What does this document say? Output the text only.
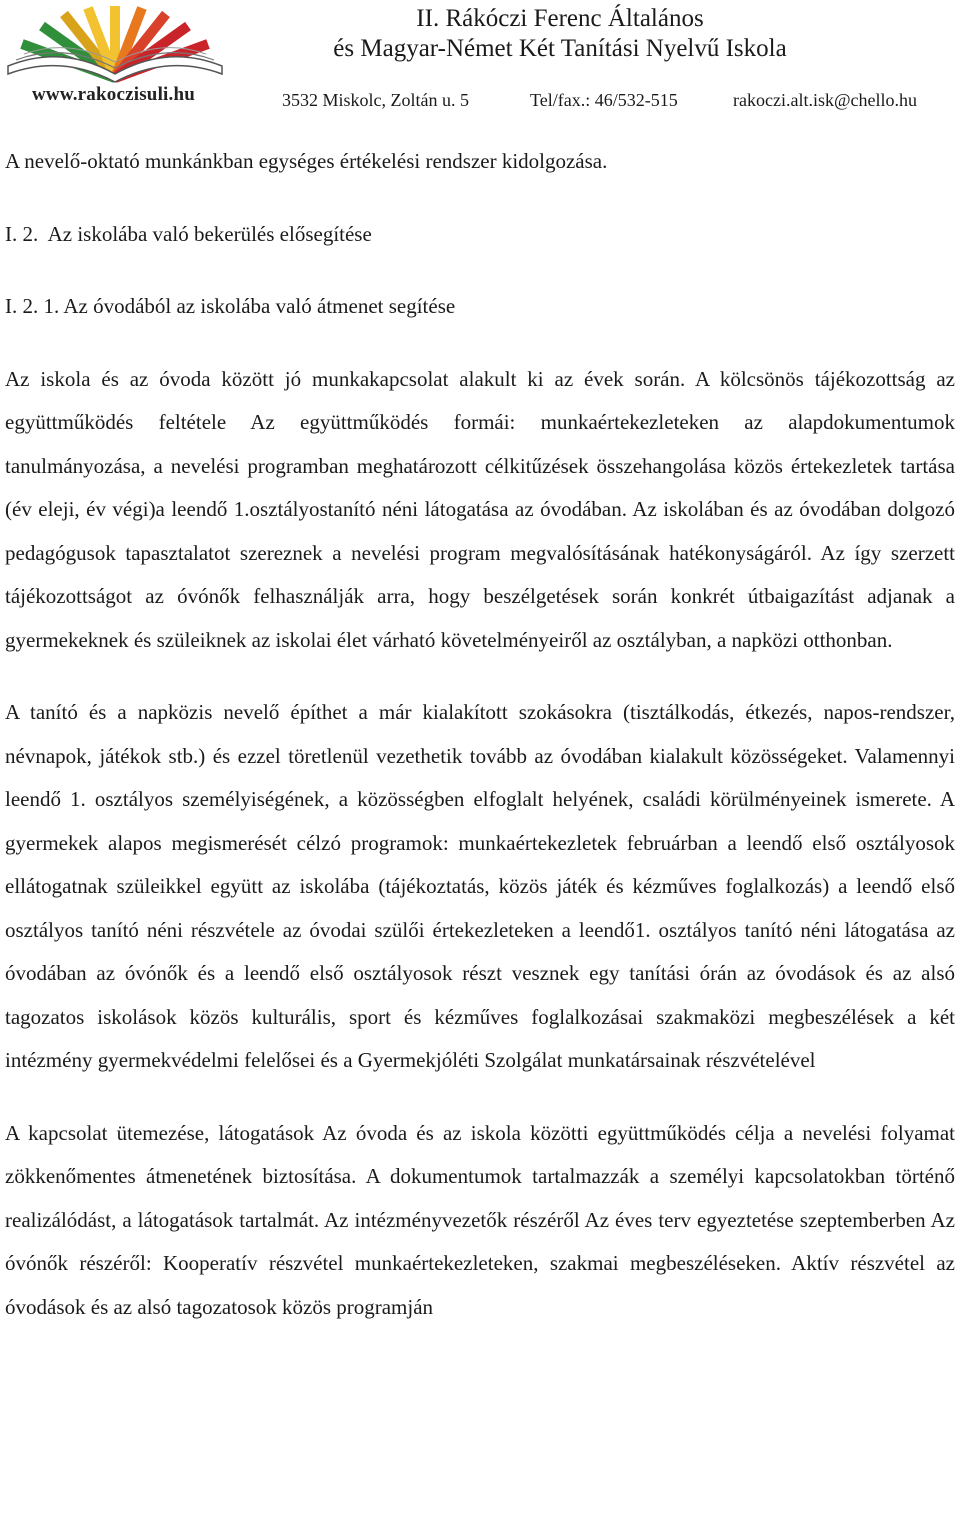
www.rakoczisuli.hu
II. Rákóczi Ferenc Általános
és Magyar-Német Két Tanítási Nyelvű Iskola
3532 Miskolc, Zoltán u. 5	Tel/fax.: 46/532-515	rakoczi.alt.isk@chello.hu

A nevelő-oktató munkánkban egységes értékelési rendszer kidolgozása.

I. 2.  Az iskolába való bekerülés elősegítése

I. 2. 1. Az óvodából az iskolába való átmenet segítése

Az iskola és az óvoda között jó munkakapcsolat alakult ki az évek során. A kölcsönös tájékozottság az együttműködés feltétele Az együttműködés formái: munkaértekezleteken az alapdokumentumok tanulmányozása, a nevelési programban meghatározott célkitűzések összehangolása közös értekezletek tartása (év eleji, év végi)a leendő 1.osztályostanító néni látogatása az óvodában. Az iskolában és az óvodában dolgozó pedagógusok tapasztalatot szereznek a nevelési program megvalósításának hatékonyságáról. Az így szerzett tájékozottságot az óvónők felhasználják arra, hogy beszélgetések során konkrét útbaigazítást adjanak a gyermekeknek és szüleiknek az iskolai élet várható követelményeiről az osztályban, a napközi otthonban.

A tanító és a napközis nevelő építhet a már kialakított szokásokra (tisztálkodás, étkezés, napos-rendszer, névnapok, játékok stb.) és ezzel töretlenül vezethetik tovább az óvodában kialakult közösségeket. Valamennyi leendő 1. osztályos személyiségének, a közösségben elfoglalt helyének, családi körülményeinek ismerete. A gyermekek alapos megismerését célzó programok: munkaértekezletek februárban a leendő első osztályosok ellátogatnak szüleikkel együtt az iskolába (tájékoztatás, közös játék és kézműves foglalkozás) a leendő első osztályos tanító néni részvétele az óvodai szülői értekezleteken a leendő1. osztályos tanító néni látogatása az óvodában az óvónők és a leendő első osztályosok részt vesznek egy tanítási órán az óvodások és az alsó tagozatos iskolások közös kulturális, sport és kézműves foglalkozásai szakmaközi megbeszélések a két intézmény gyermekvédelmi felelősei és a Gyermekjóléti Szolgálat munkatársainak részvételével

A kapcsolat ütemezése, látogatások Az óvoda és az iskola közötti együttműködés célja a nevelési folyamat zökkenőmentes átmenetének biztosítása. A dokumentumok tartalmazzák a személyi kapcsolatokban történő realizálódást, a látogatások tartalmát. Az intézményvezetők részéről Az éves terv egyeztetése szeptemberben Az óvónők részéről: Kooperatív részvétel munkaértekezleteken, szakmai megbeszéléseken. Aktív részvétel az óvodások és az alsó tagozatosok közös programján
